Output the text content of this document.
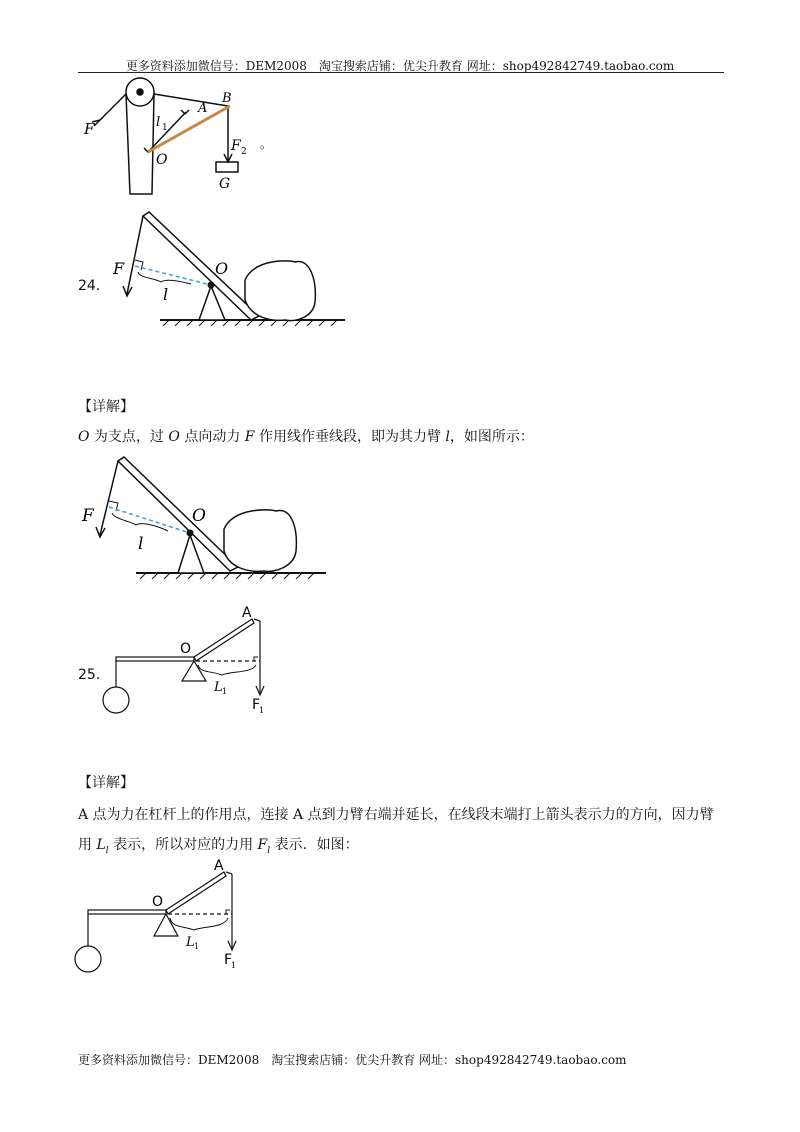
更多资料添加微信号：DEM2008　淘宝搜索店铺：优尖升教育 网址：shop492842749.taobao.com
F	l 1
A
B
O
F 2
G
。
24．
F	O
l
【详解】
O 为支点，过 O 点向动力 F 作用线作垂线段，即为其力臂 l，如图所示：
F	O
l
25．
A
O
L 1
F
1
【详解】
A 点为力在杠杆上的作用点，连接 A 点到力臂右端并延长，在线段末端打上箭头表示力的方向，因力臂
用 $L_l$ 表示，所以对应的力用 $F_l$ 表示．如图：
A
O
L 1
F
1
更多资料添加微信号：DEM2008　淘宝搜索店铺：优尖升教育 网址：shop492842749.taobao.com
